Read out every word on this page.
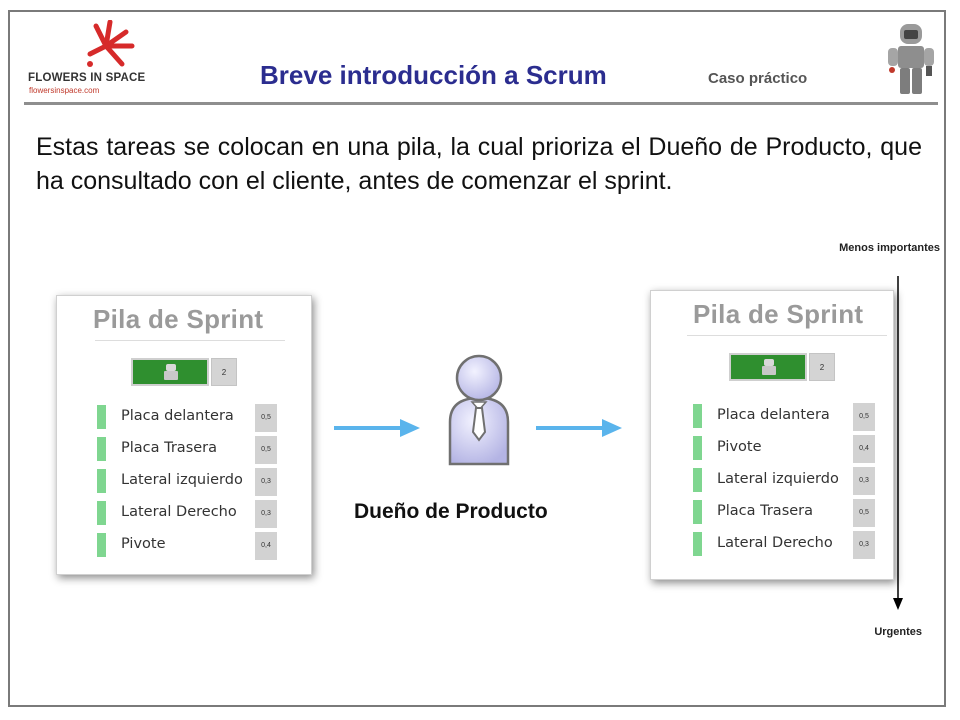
FLOWERS IN SPACE
flowersinspace.com
Breve introducción a Scrum	Caso práctico
Estas tareas se colocan en una pila, la cual prioriza el Dueño de Producto, que ha consultado con el cliente, antes de comenzar el sprint.
Menos importantes
Urgentes
Pila de Sprint
2
Placa delantera	0,5
Placa Trasera	0,5
Lateral izquierdo	0,3
Lateral Derecho	0,3
Pivote	0,4
Dueño de Producto
Pila de Sprint
2
Placa delantera	0,5
Pivote	0,4
Lateral izquierdo	0,3
Placa Trasera	0,5
Lateral Derecho	0,3
